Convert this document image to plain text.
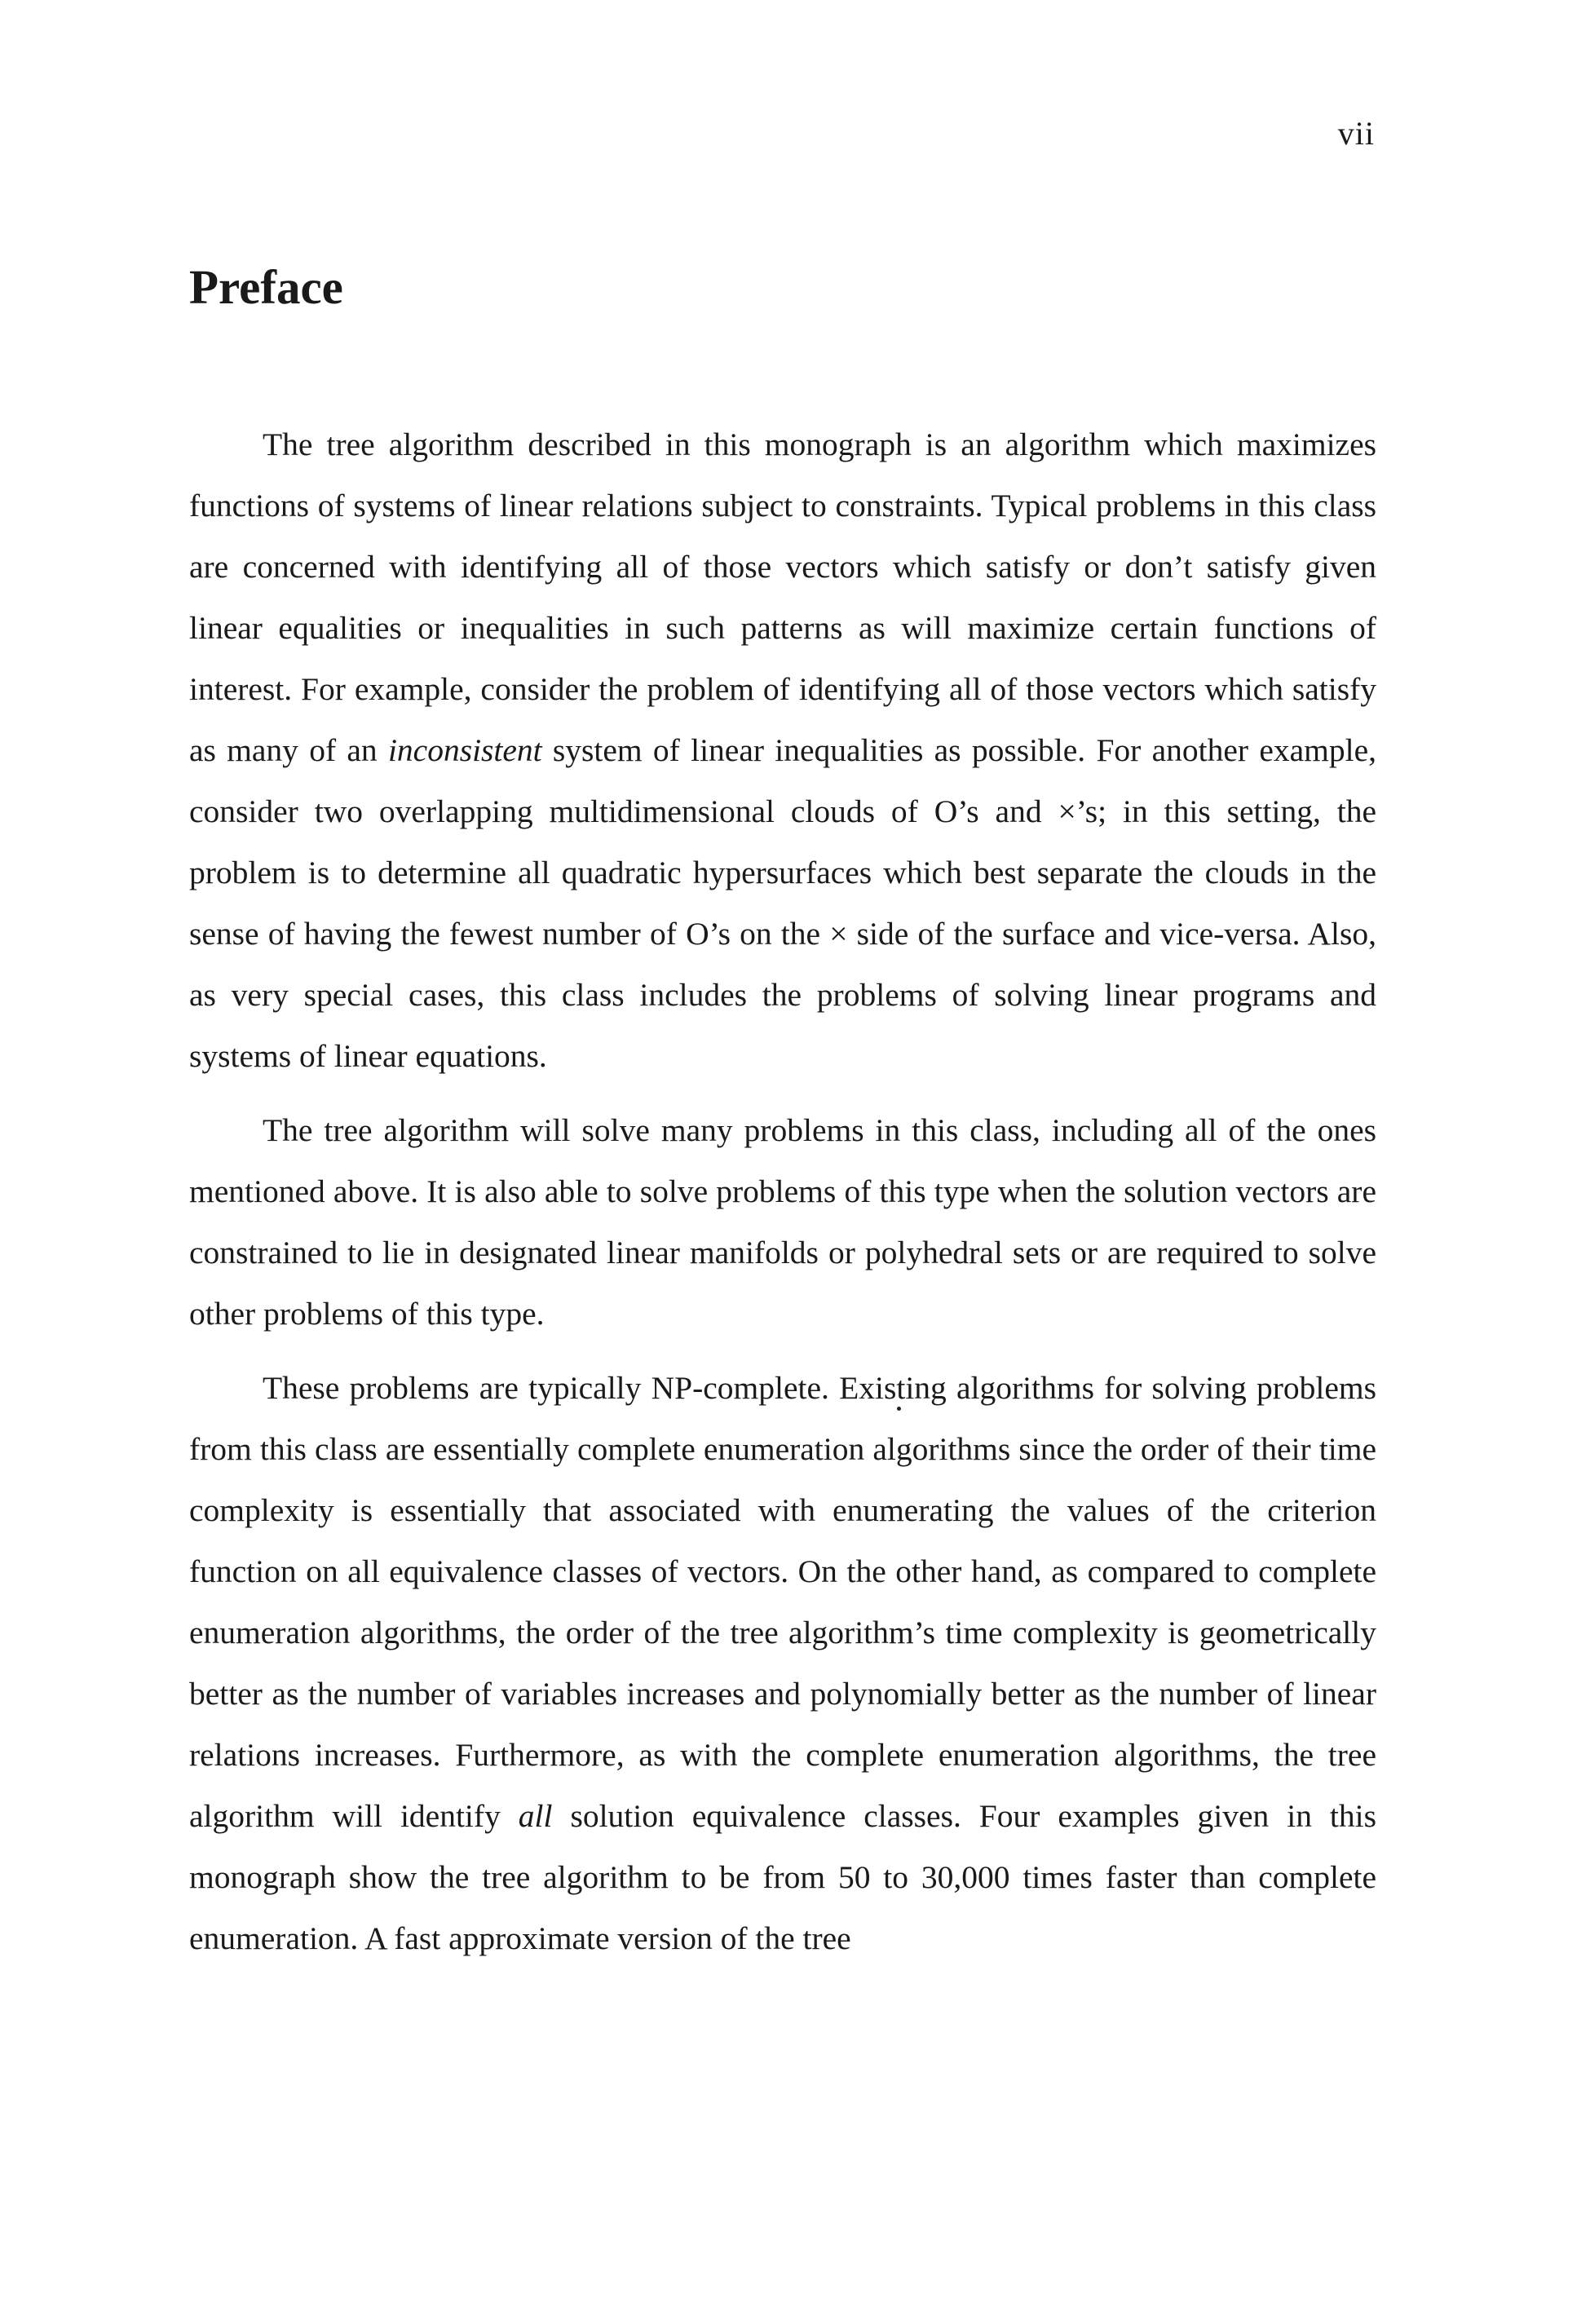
vii
Preface

The tree algorithm described in this monograph is an algorithm which maximizes functions of systems of linear relations subject to constraints. Typical problems in this class are concerned with identifying all of those vectors which satisfy or don’t satisfy given linear equalities or inequalities in such patterns as will maximize certain functions of interest. For example, consider the problem of identifying all of those vectors which satisfy as many of an inconsistent system of linear inequalities as possible. For another example, consider two overlapping multidimensional clouds of O’s and ×’s; in this setting, the problem is to determine all quadratic hypersurfaces which best separate the clouds in the sense of having the fewest number of O’s on the × side of the surface and vice-versa. Also, as very special cases, this class includes the problems of solving linear programs and systems of linear equations.

The tree algorithm will solve many problems in this class, including all of the ones mentioned above. It is also able to solve problems of this type when the solution vectors are constrained to lie in designated linear manifolds or polyhedral sets or are required to solve other problems of this type.

These problems are typically NP-complete. Existing algorithms for solving problems from this class are essentially complete enumeration algorithms since the order of their time complexity is essentially that associated with enumerating the values of the criterion function on all equivalence classes of vectors. On the other hand, as compared to complete enumeration algorithms, the order of the tree algorithm’s time complexity is geometrically better as the number of variables increases and polynomially better as the number of linear relations increases. Furthermore, as with the complete enumeration algorithms, the tree algorithm will identify all solution equivalence classes. Four examples given in this monograph show the tree algorithm to be from 50 to 30,000 times faster than complete enumeration. A fast approximate version of the tree
